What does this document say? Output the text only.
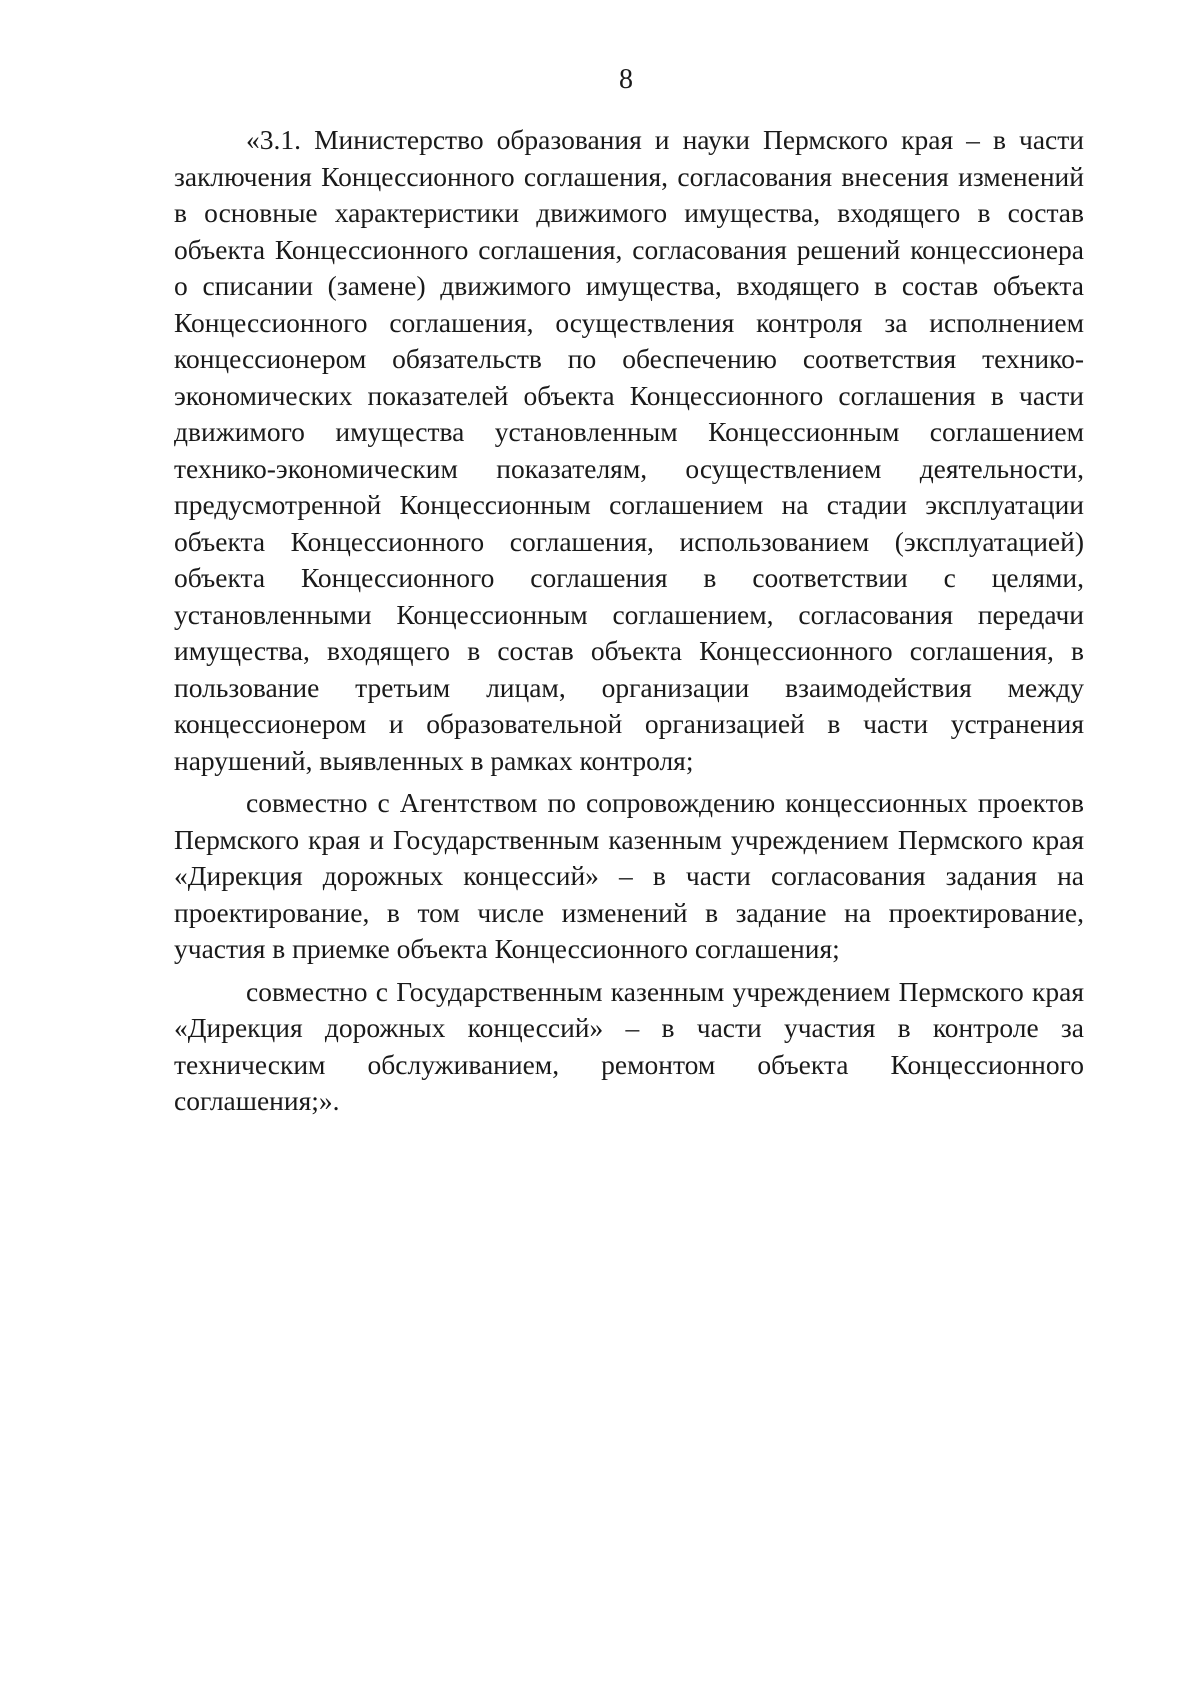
8

«3.1. Министерство образования и науки Пермского края – в части заключения Концессионного соглашения, согласования внесения изменений в основные характеристики движимого имущества, входящего в состав объекта Концессионного соглашения, согласования решений концессионера о списании (замене) движимого имущества, входящего в состав объекта Концессионного соглашения, осуществления контроля за исполнением концессионером обязательств по обеспечению соответствия технико-экономических показателей объекта Концессионного соглашения в части движимого имущества установленным Концессионным соглашением технико-экономическим показателям, осуществлением деятельности, предусмотренной Концессионным соглашением на стадии эксплуатации объекта Концессионного соглашения, использованием (эксплуатацией) объекта Концессионного соглашения в соответствии с целями, установленными Концессионным соглашением, согласования передачи имущества, входящего в состав объекта Концессионного соглашения, в пользование третьим лицам, организации взаимодействия между концессионером и образовательной организацией в части устранения нарушений, выявленных в рамках контроля;

совместно с Агентством по сопровождению концессионных проектов Пермского края и Государственным казенным учреждением Пермского края «Дирекция дорожных концессий» – в части согласования задания на проектирование, в том числе изменений в задание на проектирование, участия в приемке объекта Концессионного соглашения;

совместно с Государственным казенным учреждением Пермского края «Дирекция дорожных концессий» – в части участия в контроле за техническим обслуживанием, ремонтом объекта Концессионного соглашения;».
